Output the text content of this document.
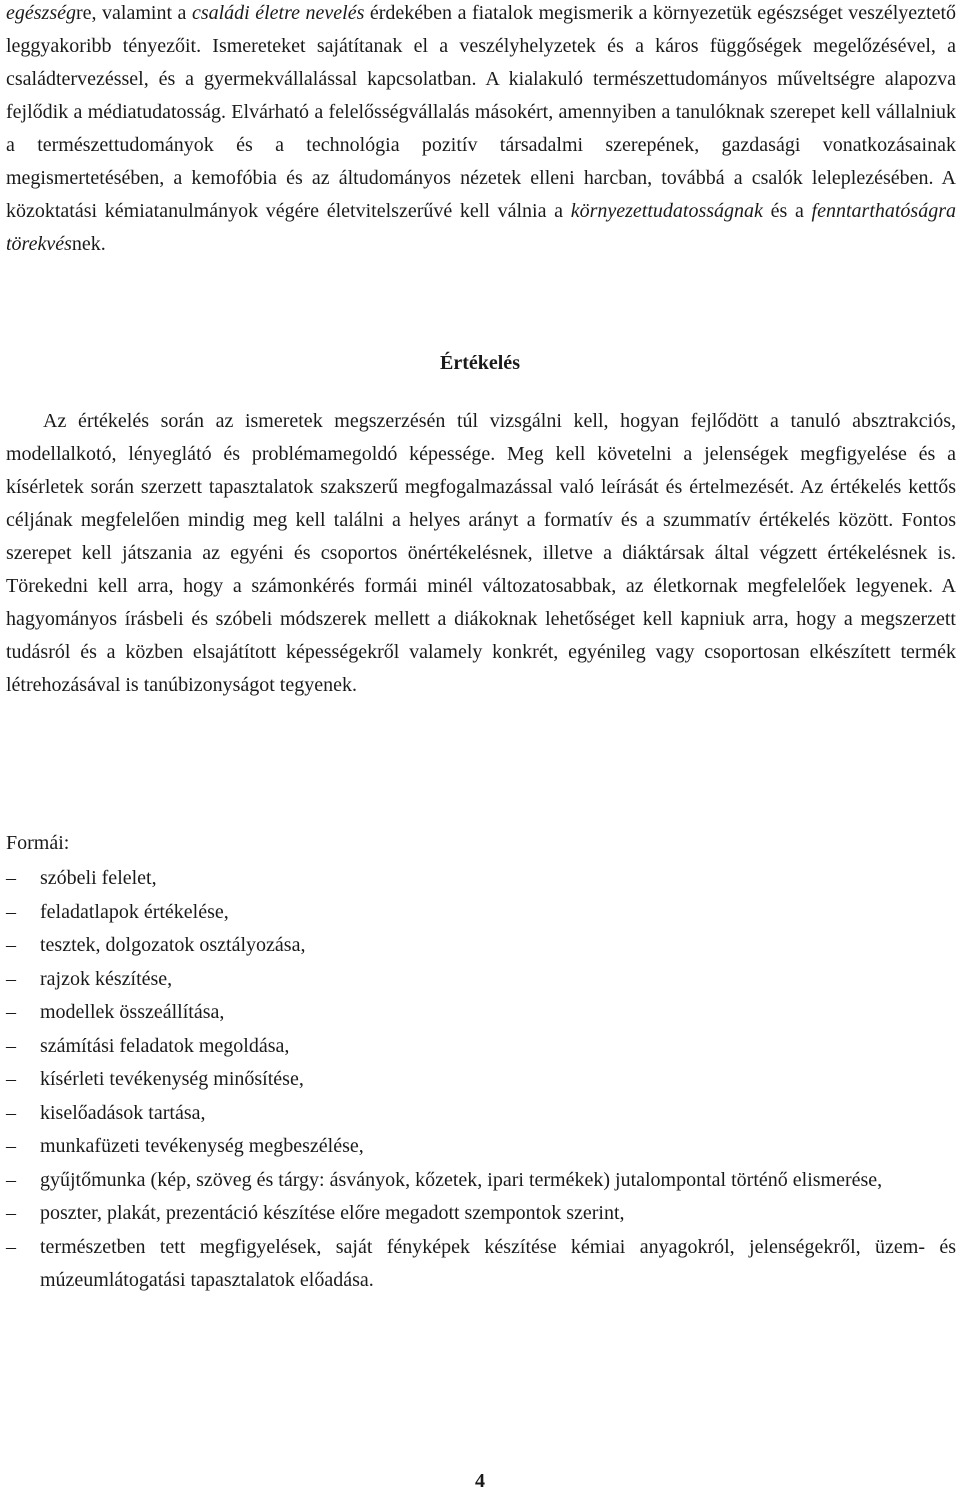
egészségre, valamint a családi életre nevelés érdekében a fiatalok megismerik a környezetük egészséget veszélyeztető leggyakoribb tényezőit. Ismereteket sajátítanak el a veszélyhelyzetek és a káros függőségek megelőzésével, a családtervezéssel, és a gyermekvállalással kapcsolatban. A kialakuló természettudományos műveltségre alapozva fejlődik a médiatudatosság. Elvárható a felelősségvállalás másokért, amennyiben a tanulóknak szerepet kell vállalniuk a természettudományok és a technológia pozitív társadalmi szerepének, gazdasági vonatkozásainak megismertetésében, a kemofóbia és az áltudományos nézetek elleni harcban, továbbá a csalók leleplezésében. A közoktatási kémiatanulmányok végére életvitelszerűvé kell válnia a környezettudatosságnak és a fenntarthatóságra törekvésnek.
Értékelés
Az értékelés során az ismeretek megszerzésén túl vizsgálni kell, hogyan fejlődött a tanuló absztrakciós, modellalkotó, lényeglátó és problémamegoldó képessége. Meg kell követelni a jelenségek megfigyelése és a kísérletek során szerzett tapasztalatok szakszerű megfogalmazással való leírását és értelmezését. Az értékelés kettős céljának megfelelően mindig meg kell találni a helyes arányt a formatív és a szummatív értékelés között. Fontos szerepet kell játszania az egyéni és csoportos önértékelésnek, illetve a diáktársak által végzett értékelésnek is. Törekedni kell arra, hogy a számonkérés formái minél változatosabbak, az életkornak megfelelőek legyenek. A hagyományos írásbeli és szóbeli módszerek mellett a diákoknak lehetőséget kell kapniuk arra, hogy a megszerzett tudásról és a közben elsajátított képességekről valamely konkrét, egyénileg vagy csoportosan elkészített termék létrehozásával is tanúbizonyságot tegyenek.
Formái:
– szóbeli felelet,
– feladatlapok értékelése,
– tesztek, dolgozatok osztályozása,
– rajzok készítése,
– modellek összeállítása,
– számítási feladatok megoldása,
– kísérleti tevékenység minősítése,
– kiselőadások tartása,
– munkafüzeti tevékenység megbeszélése,
– gyűjtőmunka (kép, szöveg és tárgy: ásványok, kőzetek, ipari termékek) jutalompontal történő elismerése,
– poszter, plakát, prezentáció készítése előre megadott szempontok szerint,
– természetben tett megfigyelések, saját fényképek készítése kémiai anyagokról, jelenségekről, üzem- és múzeumlátogatási tapasztalatok előadása.
4
